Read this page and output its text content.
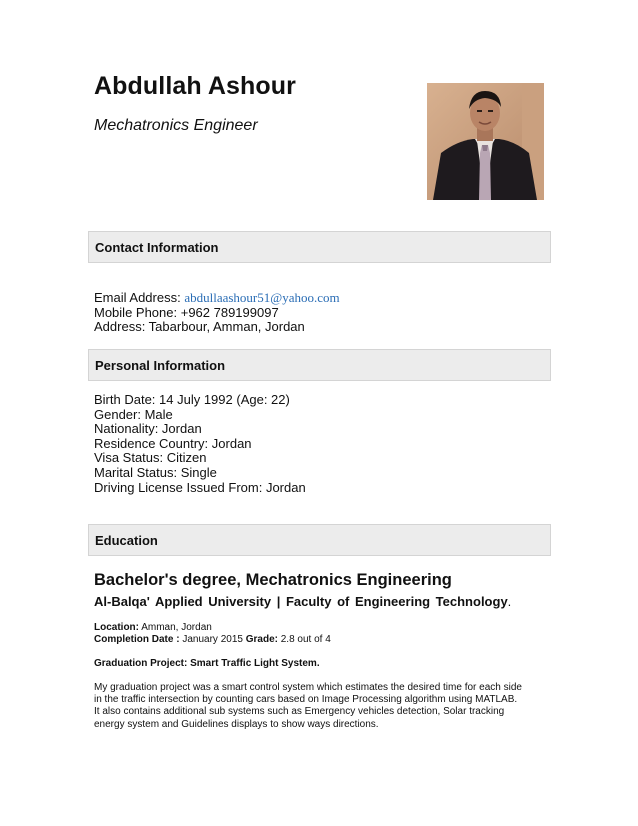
Abdullah Ashour
Mechatronics Engineer
Contact Information
Email Address: abdullaashour51@yahoo.com
Mobile Phone: +962 789199097
Address: Tabarbour, Amman, Jordan
Personal Information
Birth Date: 14 July 1992 (Age: 22)
Gender: Male
Nationality: Jordan
Residence Country: Jordan
Visa Status: Citizen
Marital Status: Single
Driving License Issued From: Jordan
Education
Bachelor's degree, Mechatronics Engineering
Al-Balqa' Applied University | Faculty of Engineering Technology.
Location: Amman, Jordan
Completion Date : January 2015 Grade: 2.8 out of 4
Graduation Project: Smart Traffic Light System.
My graduation project was a smart control system which estimates the desired time for each side
in the traffic intersection by counting cars based on Image Processing algorithm using MATLAB.
It also contains additional sub systems such as Emergency vehicles detection, Solar tracking
energy system and Guidelines displays to show ways directions.
